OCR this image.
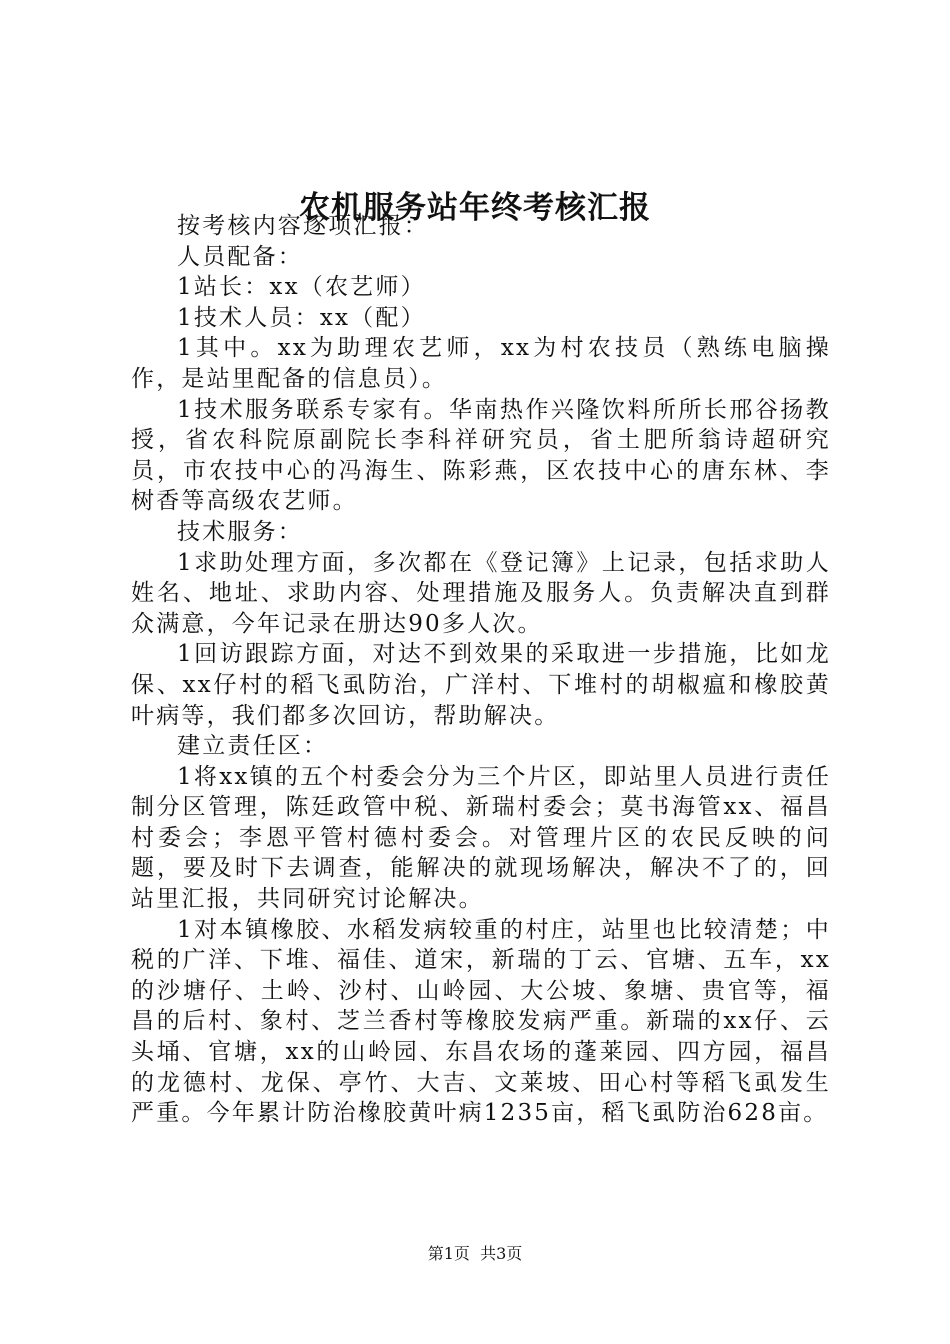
农机服务站年终考核汇报

按考核内容逐项汇报：

人员配备：

1站长：xx（农艺师）

1技术人员：xx（配）

1其中。xx为助理农艺师，xx为村农技员（熟练电脑操作，是站里配备的信息员）。

1技术服务联系专家有。华南热作兴隆饮料所所长邢谷扬教授，省农科院原副院长李科祥研究员，省土肥所翁诗超研究员，市农技中心的冯海生、陈彩燕，区农技中心的唐东林、李树香等高级农艺师。

技术服务：

1求助处理方面，多次都在《登记簿》上记录，包括求助人姓名、地址、求助内容、处理措施及服务人。负责解决直到群众满意，今年记录在册达90多人次。

1回访跟踪方面，对达不到效果的采取进一步措施，比如龙保、xx仔村的稻飞虱防治，广洋村、下堆村的胡椒瘟和橡胶黄叶病等，我们都多次回访，帮助解决。

建立责任区：

1将xx镇的五个村委会分为三个片区，即站里人员进行责任制分区管理，陈廷政管中税、新瑞村委会；莫书海管xx、福昌村委会；李恩平管村德村委会。对管理片区的农民反映的问题，要及时下去调查，能解决的就现场解决，解决不了的，回站里汇报，共同研究讨论解决。

1对本镇橡胶、水稻发病较重的村庄，站里也比较清楚；中税的广洋、下堆、福佳、道宋，新瑞的丁云、官塘、五车，xx的沙塘仔、土岭、沙村、山岭园、大公坡、象塘、贵官等，福昌的后村、象村、芝兰香村等橡胶发病严重。新瑞的xx仔、云头埇、官塘，xx的山岭园、东昌农场的蓬莱园、四方园，福昌的龙德村、龙保、亭竹、大吉、文莱坡、田心村等稻飞虱发生严重。今年累计防治橡胶黄叶病1235亩，稻飞虱防治628亩。

第1页 共3页
